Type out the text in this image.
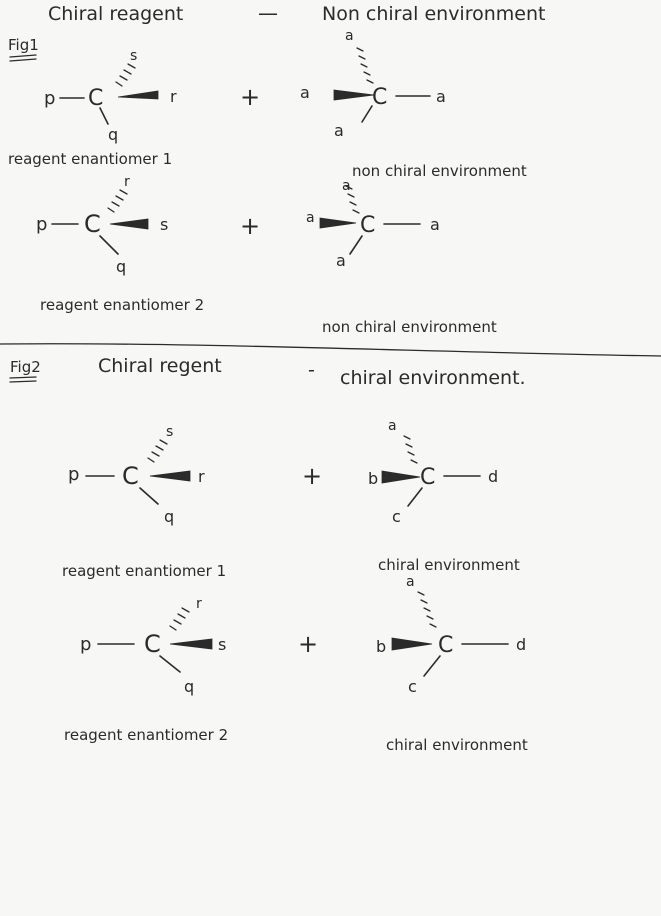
Chiral reagent	— Non chiral environment
Fig1
p C
s
r
q
+ a	C	a
a
a
reagent enantiomer 1
non chiral environment
p C
r
s
q
+	a C	a
a
a
reagent enantiomer 2
non chiral environment
Fig2	Chiral regent	- chiral environment.
p C
s
r
q
+	b C	d
a
c
reagent enantiomer 1	chiral environment
p C
r
s
q
+	b C	d
a
c
reagent enantiomer 2
chiral environment
